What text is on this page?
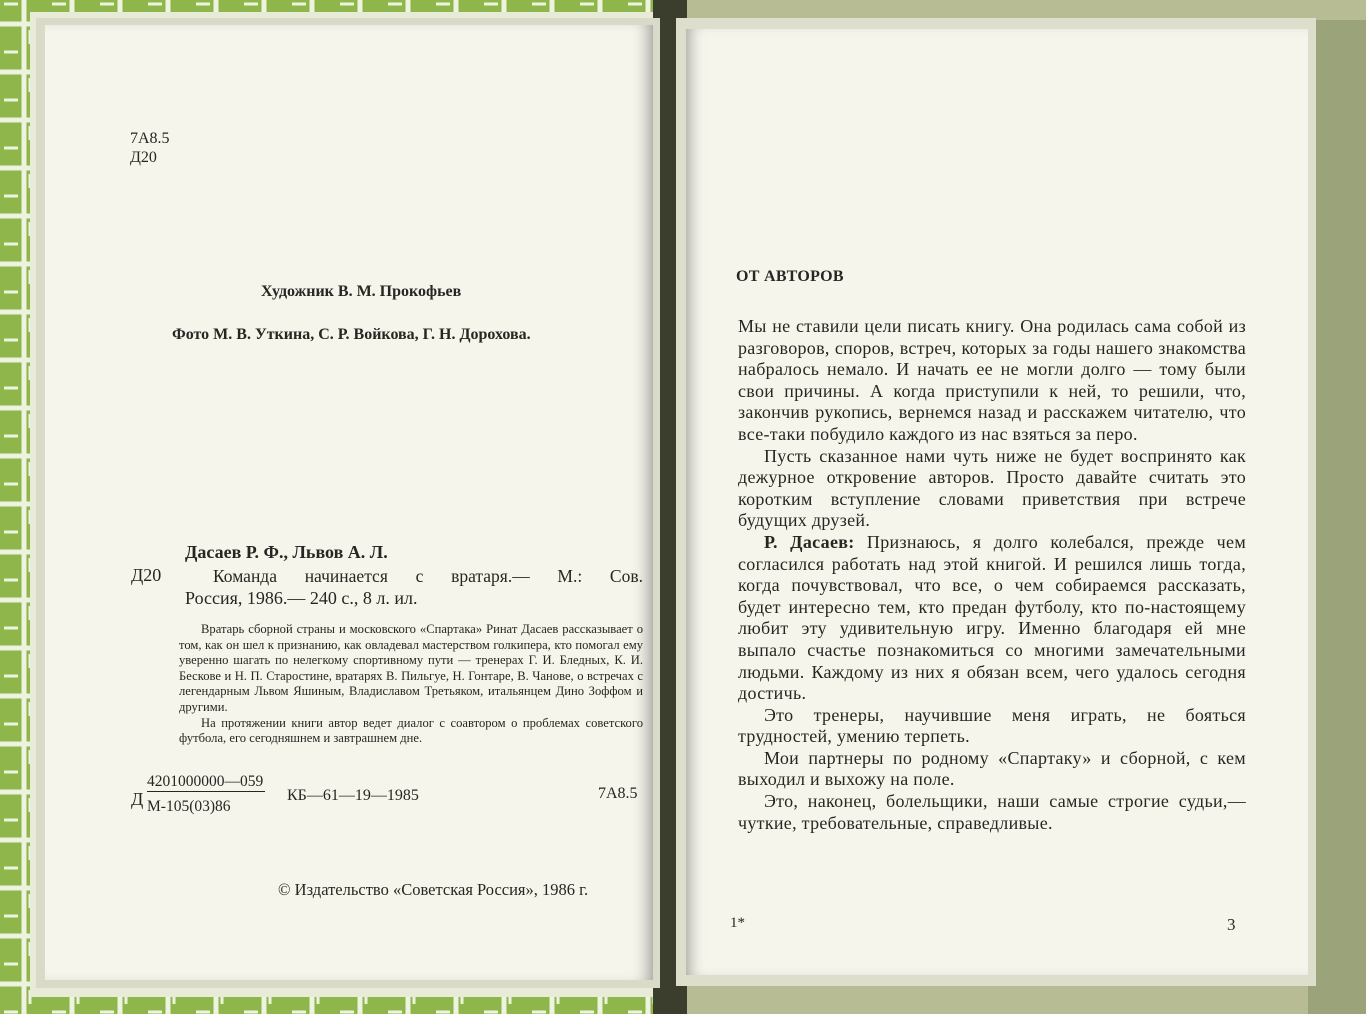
7А8.5
Д20
Художник В. М. Прокофьев
Фото М. В. Уткина, С. Р. Войкова, Г. Н. Дорохова.
Дасаев Р. Ф., Львов А. Л.
Д20	Команда начинается с вратаря.— М.: Сов.
Россия, 1986.— 240 с., 8 л. ил.

Вратарь сборной страны и московского «Спартака» Ринат Дасаев рассказывает о том, как он шел к признанию, как овладевал мастерством голкипера, кто помогал ему уверенно шагать по нелегкому спортивному пути — тренерах Г. И. Бледных, К. И. Бескове и Н. П. Старостине, вратарях В. Пильгуе, Н. Гонтаре, В. Чанове, о встречах с легендарным Львом Яшиным, Владиславом Третьяком, итальянцем Дино Зоффом и другими.

На протяжении книги автор ведет диалог с соавтором о проблемах советского футбола, его сегодняшнем и завтрашнем дне.

Д
4201000000—059
М-105(03)86
КБ—61—19—1985	7А8.5
© Издательство «Советская Россия», 1986 г.
ОТ АВТОРОВ

Мы не ставили цели писать книгу. Она родилась сама собой из разговоров, споров, встреч, которых за годы нашего знакомства набралось немало. И начать ее не могли долго — тому были свои причины. А когда приступили к ней, то решили, что, закончив рукопись, вернемся назад и расскажем читателю, что все-таки побудило каждого из нас взяться за перо.

Пусть сказанное нами чуть ниже не будет воспринято как дежурное откровение авторов. Просто давайте считать это коротким вступление словами приветствия при встрече будущих друзей.

Р. Дасаев: Признаюсь, я долго колебался, прежде чем согласился работать над этой книгой. И решился лишь тогда, когда почувствовал, что все, о чем собираемся рассказать, будет интересно тем, кто предан футболу, кто по-настоящему любит эту удивительную игру. Именно благодаря ей мне выпало счастье познакомиться со многими замечательными людьми. Каждому из них я обязан всем, чего удалось сегодня достичь.

Это тренеры, научившие меня играть, не бояться трудностей, умению терпеть.

Мои партнеры по родному «Спартаку» и сборной, с кем выходил и выхожу на поле.

Это, наконец, болельщики, наши самые строгие судьи,— чуткие, требовательные, справедливые.

1*	3
